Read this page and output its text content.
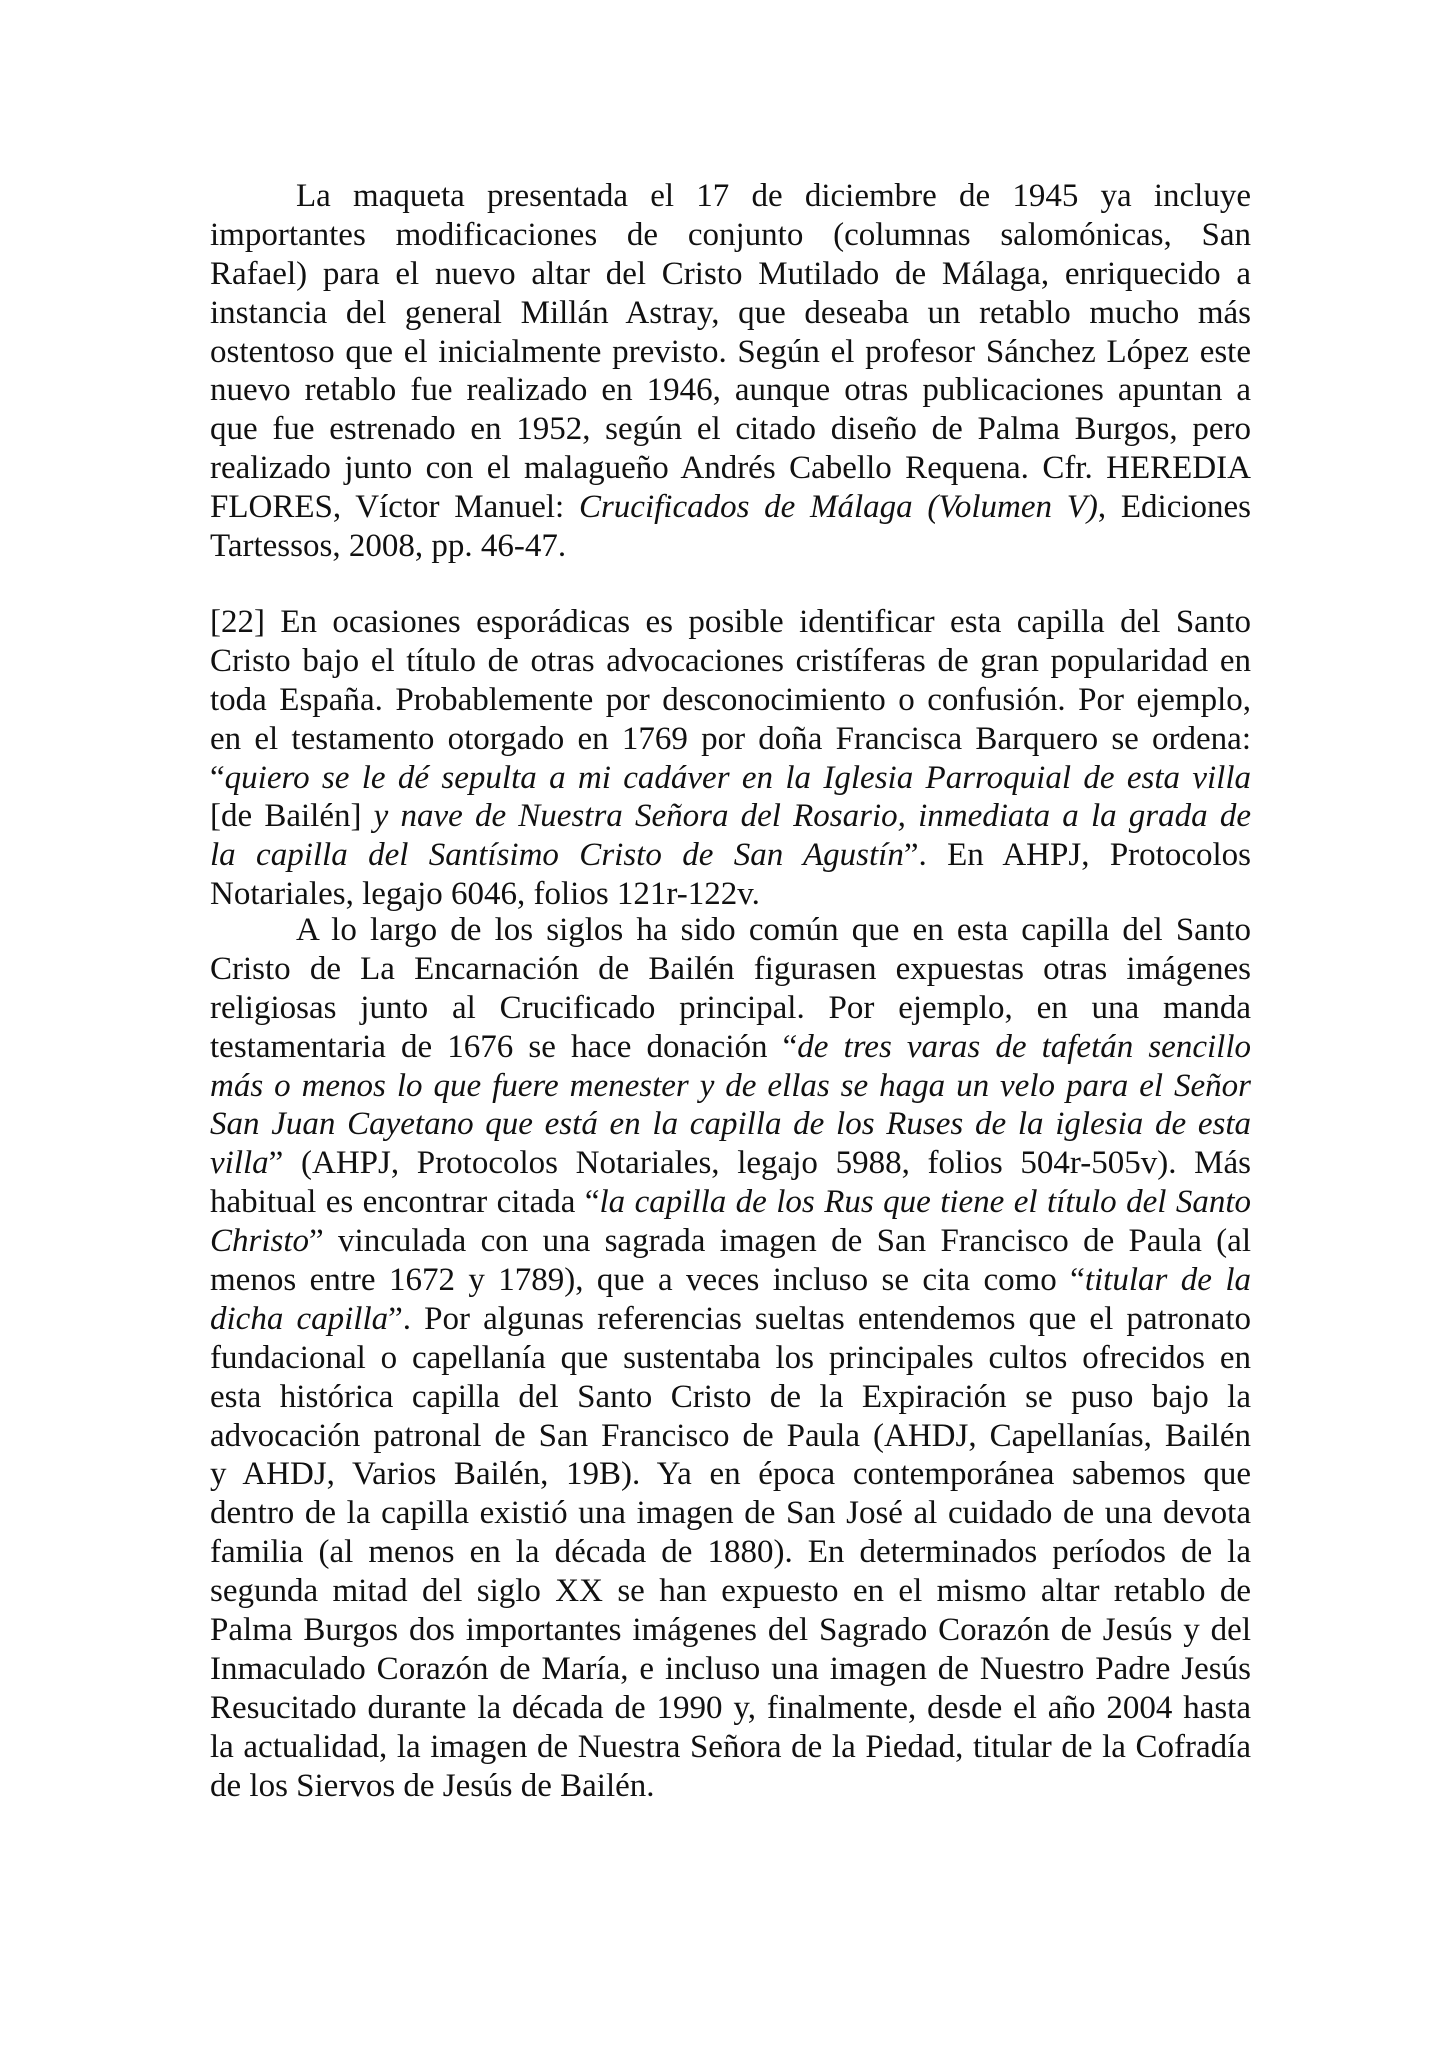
La maqueta presentada el 17 de diciembre de 1945 ya incluye
importantes modificaciones de conjunto (columnas salomónicas, San
Rafael) para el nuevo altar del Cristo Mutilado de Málaga, enriquecido a
instancia del general Millán Astray, que deseaba un retablo mucho más
ostentoso que el inicialmente previsto. Según el profesor Sánchez López este
nuevo retablo fue realizado en 1946, aunque otras publicaciones apuntan a
que fue estrenado en 1952, según el citado diseño de Palma Burgos, pero
realizado junto con el malagueño Andrés Cabello Requena. Cfr. HEREDIA
FLORES, Víctor Manuel: Crucificados de Málaga (Volumen V), Ediciones
Tartessos, 2008, pp. 46-47.
[22] En ocasiones esporádicas es posible identificar esta capilla del Santo
Cristo bajo el título de otras advocaciones cristíferas de gran popularidad en
toda España. Probablemente por desconocimiento o confusión. Por ejemplo,
en el testamento otorgado en 1769 por doña Francisca Barquero se ordena:
“quiero se le dé sepulta a mi cadáver en la Iglesia Parroquial de esta villa
[de Bailén] y nave de Nuestra Señora del Rosario, inmediata a la grada de
la capilla del Santísimo Cristo de San Agustín”. En AHPJ, Protocolos
Notariales, legajo 6046, folios 121r-122v.
A lo largo de los siglos ha sido común que en esta capilla del Santo
Cristo de La Encarnación de Bailén figurasen expuestas otras imágenes
religiosas junto al Crucificado principal. Por ejemplo, en una manda
testamentaria de 1676 se hace donación “de tres varas de tafetán sencillo
más o menos lo que fuere menester y de ellas se haga un velo para el Señor
San Juan Cayetano que está en la capilla de los Ruses de la iglesia de esta
villa” (AHPJ, Protocolos Notariales, legajo 5988, folios 504r-505v). Más
habitual es encontrar citada “la capilla de los Rus que tiene el título del Santo
Christo” vinculada con una sagrada imagen de San Francisco de Paula (al
menos entre 1672 y 1789), que a veces incluso se cita como “titular de la
dicha capilla”. Por algunas referencias sueltas entendemos que el patronato
fundacional o capellanía que sustentaba los principales cultos ofrecidos en
esta histórica capilla del Santo Cristo de la Expiración se puso bajo la
advocación patronal de San Francisco de Paula (AHDJ, Capellanías, Bailén
y AHDJ, Varios Bailén, 19B). Ya en época contemporánea sabemos que
dentro de la capilla existió una imagen de San José al cuidado de una devota
familia (al menos en la década de 1880). En determinados períodos de la
segunda mitad del siglo XX se han expuesto en el mismo altar retablo de
Palma Burgos dos importantes imágenes del Sagrado Corazón de Jesús y del
Inmaculado Corazón de María, e incluso una imagen de Nuestro Padre Jesús
Resucitado durante la década de 1990 y, finalmente, desde el año 2004 hasta
la actualidad, la imagen de Nuestra Señora de la Piedad, titular de la Cofradía
de los Siervos de Jesús de Bailén.
